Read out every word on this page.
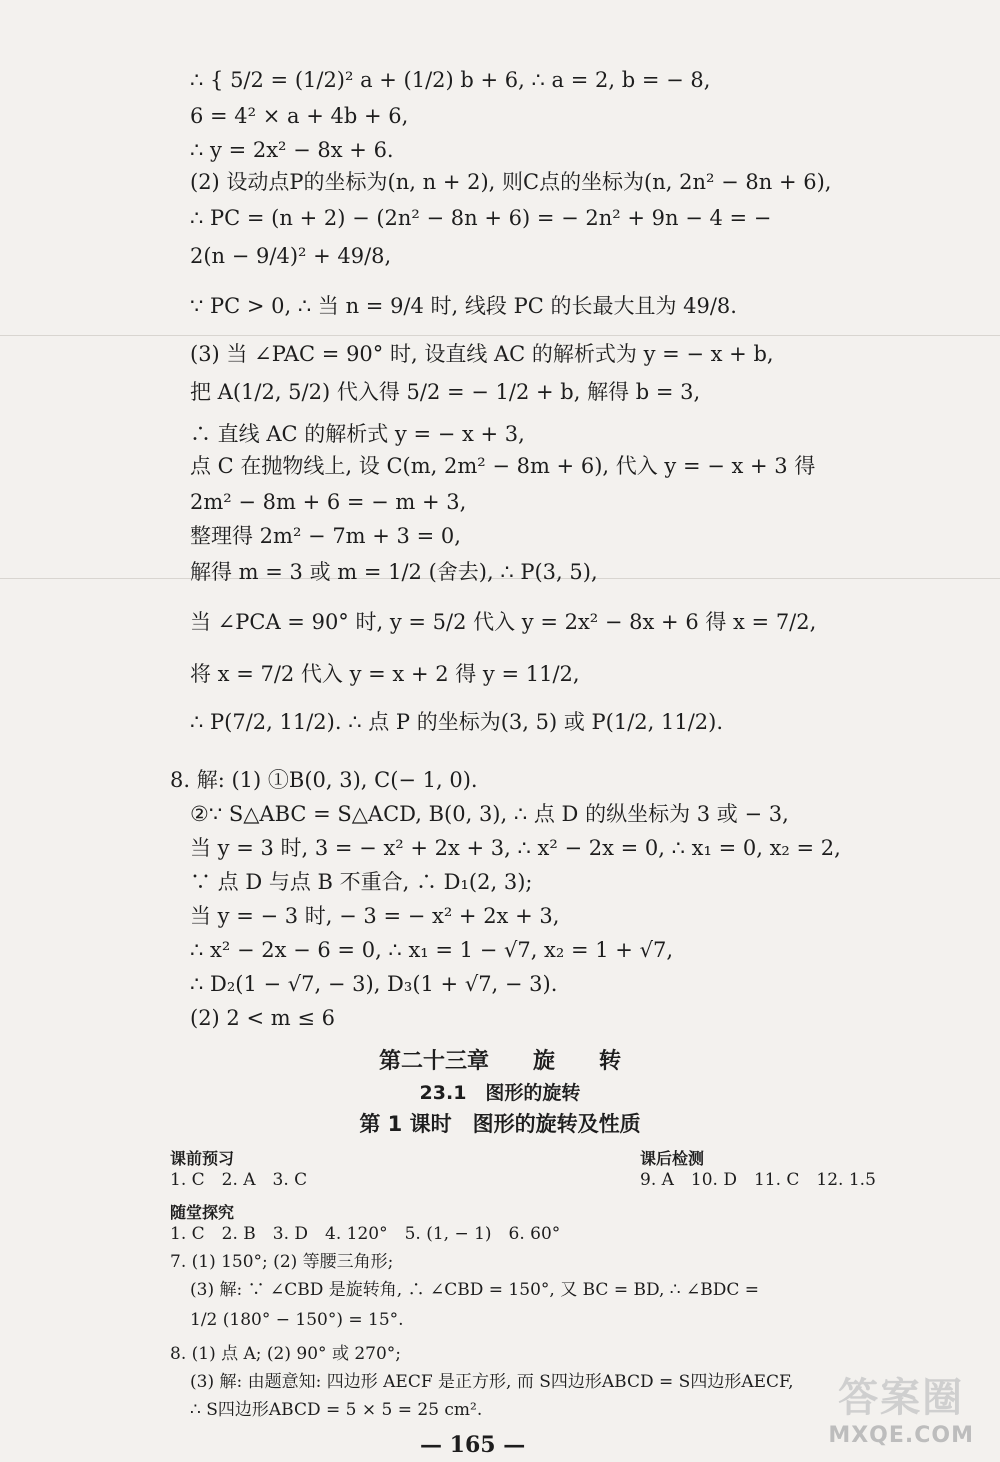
∴ { 5/2 = (1/2)² a + (1/2) b + 6, ∴ a = 2, b = − 8,
6 = 4² × a + 4b + 6,
∴ y = 2x² − 8x + 6.
(2) 设动点P的坐标为(n, n + 2), 则C点的坐标为(n, 2n² − 8n + 6),
∴ PC = (n + 2) − (2n² − 8n + 6) = − 2n² + 9n − 4 = −
2(n − 9/4)² + 49/8,
∵ PC > 0, ∴ 当 n = 9/4 时, 线段 PC 的长最大且为 49/8.
(3) 当 ∠PAC = 90° 时, 设直线 AC 的解析式为 y = − x + b,
把 A(1/2, 5/2) 代入得 5/2 = − 1/2 + b, 解得 b = 3,
∴ 直线 AC 的解析式 y = − x + 3,
点 C 在抛物线上, 设 C(m, 2m² − 8m + 6), 代入 y = − x + 3 得
2m² − 8m + 6 = − m + 3,
整理得 2m² − 7m + 3 = 0,
解得 m = 3 或 m = 1/2 (舍去), ∴ P(3, 5),
当 ∠PCA = 90° 时, y = 5/2 代入 y = 2x² − 8x + 6 得 x = 7/2,
将 x = 7/2 代入 y = x + 2 得 y = 11/2,
∴ P(7/2, 11/2). ∴ 点 P 的坐标为(3, 5) 或 P(1/2, 11/2).
8. 解: (1) ①B(0, 3), C(− 1, 0).
②∵ S△ABC = S△ACD, B(0, 3), ∴ 点 D 的纵坐标为 3 或 − 3,
当 y = 3 时, 3 = − x² + 2x + 3, ∴ x² − 2x = 0, ∴ x₁ = 0, x₂ = 2,
∵ 点 D 与点 B 不重合, ∴ D₁(2, 3);
当 y = − 3 时, − 3 = − x² + 2x + 3,
∴ x² − 2x − 6 = 0, ∴ x₁ = 1 − √7, x₂ = 1 + √7,
∴ D₂(1 − √7, − 3), D₃(1 + √7, − 3).
(2) 2 < m ≤ 6
第二十三章　　旋　　转
23.1　图形的旋转
第 1 课时　图形的旋转及性质
课前预习
1. C　2. A　3. C
随堂探究
1. C　2. B　3. D　4. 120°　5. (1, − 1)　6. 60°
7. (1) 150°; (2) 等腰三角形;
(3) 解: ∵ ∠CBD 是旋转角, ∴ ∠CBD = 150°, 又 BC = BD, ∴ ∠BDC =
1/2 (180° − 150°) = 15°.
8. (1) 点 A; (2) 90° 或 270°;
(3) 解: 由题意知: 四边形 AECF 是正方形, 而 S四边形ABCD = S四边形AECF,
∴ S四边形ABCD = 5 × 5 = 25 cm².
课后检测
9. A　10. D　11. C　12. 1.5
— 165 —
答案圈
MXQE.COM
